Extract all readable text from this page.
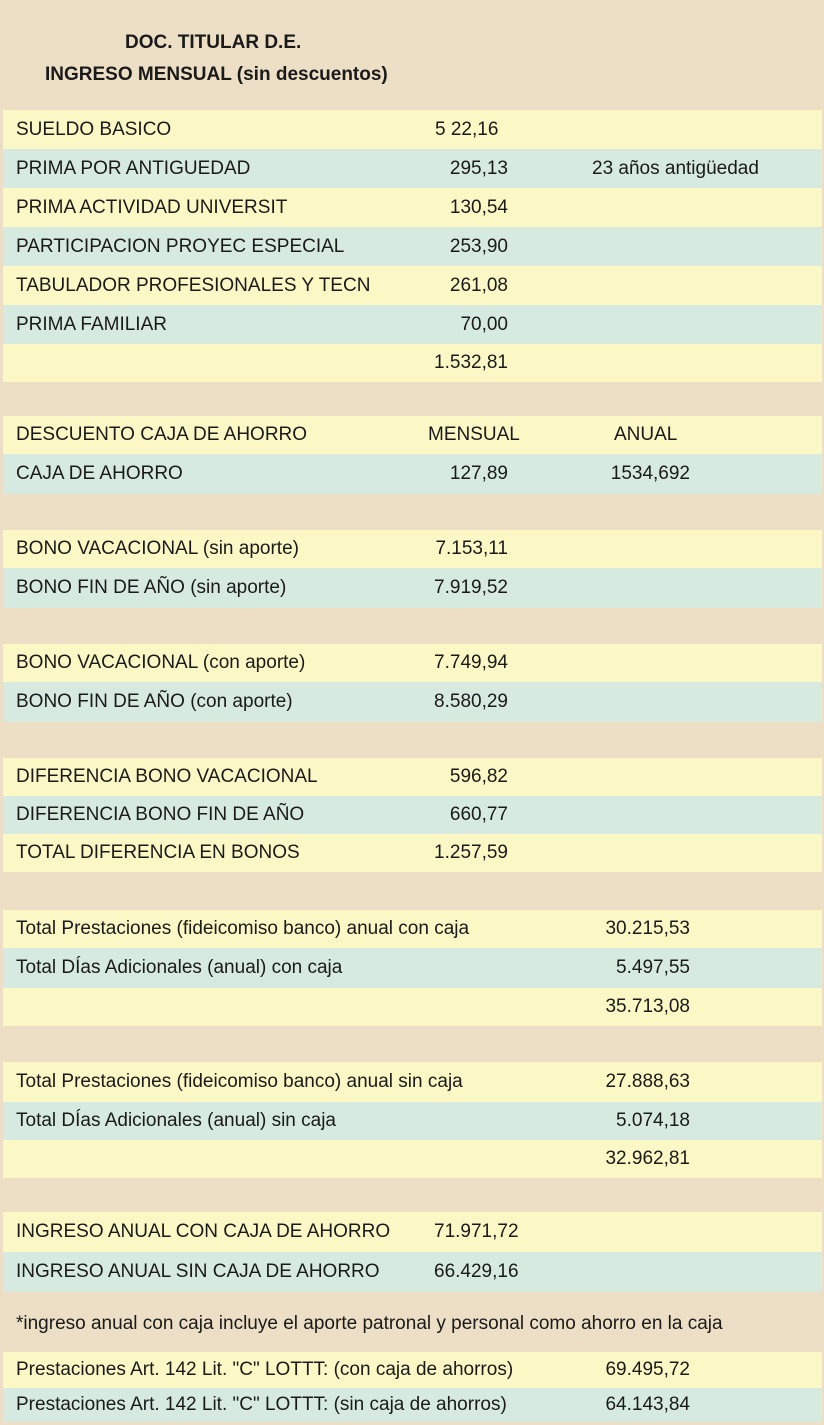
DOC. TITULAR D.E.
INGRESO MENSUAL (sin descuentos)
SUELDO BASICO	5 22,16
PRIMA POR ANTIGUEDAD	295,13	23 años antigüedad
PRIMA ACTIVIDAD UNIVERSIT	130,54
PARTICIPACION PROYEC ESPECIAL	253,90
TABULADOR PROFESIONALES Y TECN	261,08
PRIMA FAMILIAR	70,00
1.532,81
DESCUENTO CAJA DE AHORRO	MENSUAL	ANUAL
CAJA DE AHORRO	127,89	1534,692
BONO VACACIONAL (sin aporte)	7.153,11
BONO FIN DE AÑO (sin aporte)	7.919,52
BONO VACACIONAL (con aporte)	7.749,94
BONO FIN DE AÑO (con aporte)	8.580,29
DIFERENCIA BONO VACACIONAL	596,82
DIFERENCIA BONO FIN DE AÑO	660,77
TOTAL DIFERENCIA EN BONOS	1.257,59
Total Prestaciones (fideicomiso banco) anual con caja	30.215,53
Total DÍas Adicionales (anual) con caja	5.497,55
35.713,08
Total Prestaciones (fideicomiso banco) anual sin caja	27.888,63
Total DÍas Adicionales (anual) sin caja	5.074,18
32.962,81
INGRESO ANUAL CON CAJA DE AHORRO 71.971,72
INGRESO ANUAL SIN CAJA DE AHORRO	66.429,16
*ingreso anual con caja incluye el aporte patronal y personal como ahorro en la caja
Prestaciones Art. 142 Lit. "C" LOTTT: (con caja de ahorros)	69.495,72
Prestaciones Art. 142 Lit. "C" LOTTT: (sin caja de ahorros)	64.143,84
